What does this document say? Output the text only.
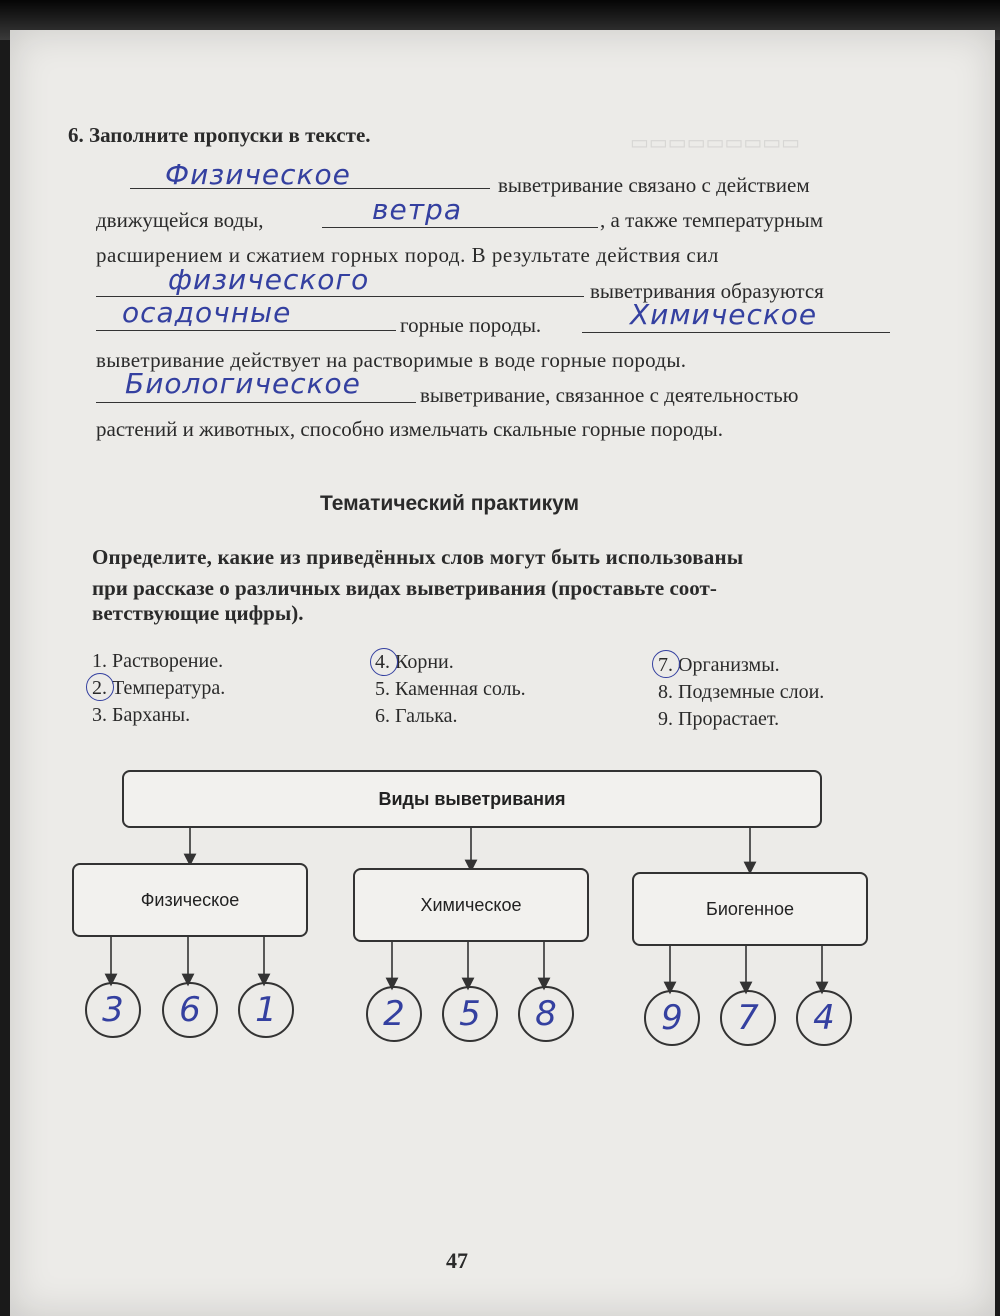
▭▭▭▭▭▭▭▭▭
6. Заполните пропуски в тексте.
Физическое	выветривание связано с действием
движущейся воды,	ветра	, а также температурным
расширением и сжатием горных пород. В результате действия сил
физического	выветривания образуются
осадочные	горные породы.	Химическое
выветривание действует на растворимые в воде горные породы.
Биологическое	выветривание, связанное с деятельностью
растений и животных, способно измельчать скальные горные породы.
Тематический практикум
Определите, какие из приведённых слов могут быть использованы
при рассказе о различных видах выветривания (проставьте соот-
ветствующие цифры).
1. Растворение.
2. Температура.
3. Барханы.
4. Корни.
5. Каменная соль.
6. Галька.
7. Организмы.
8. Подземные слои.
9. Прорастает.
Виды выветривания
Физическое	Химическое	Биогенное
3 6 1	2 5 8	9 7 4
47
